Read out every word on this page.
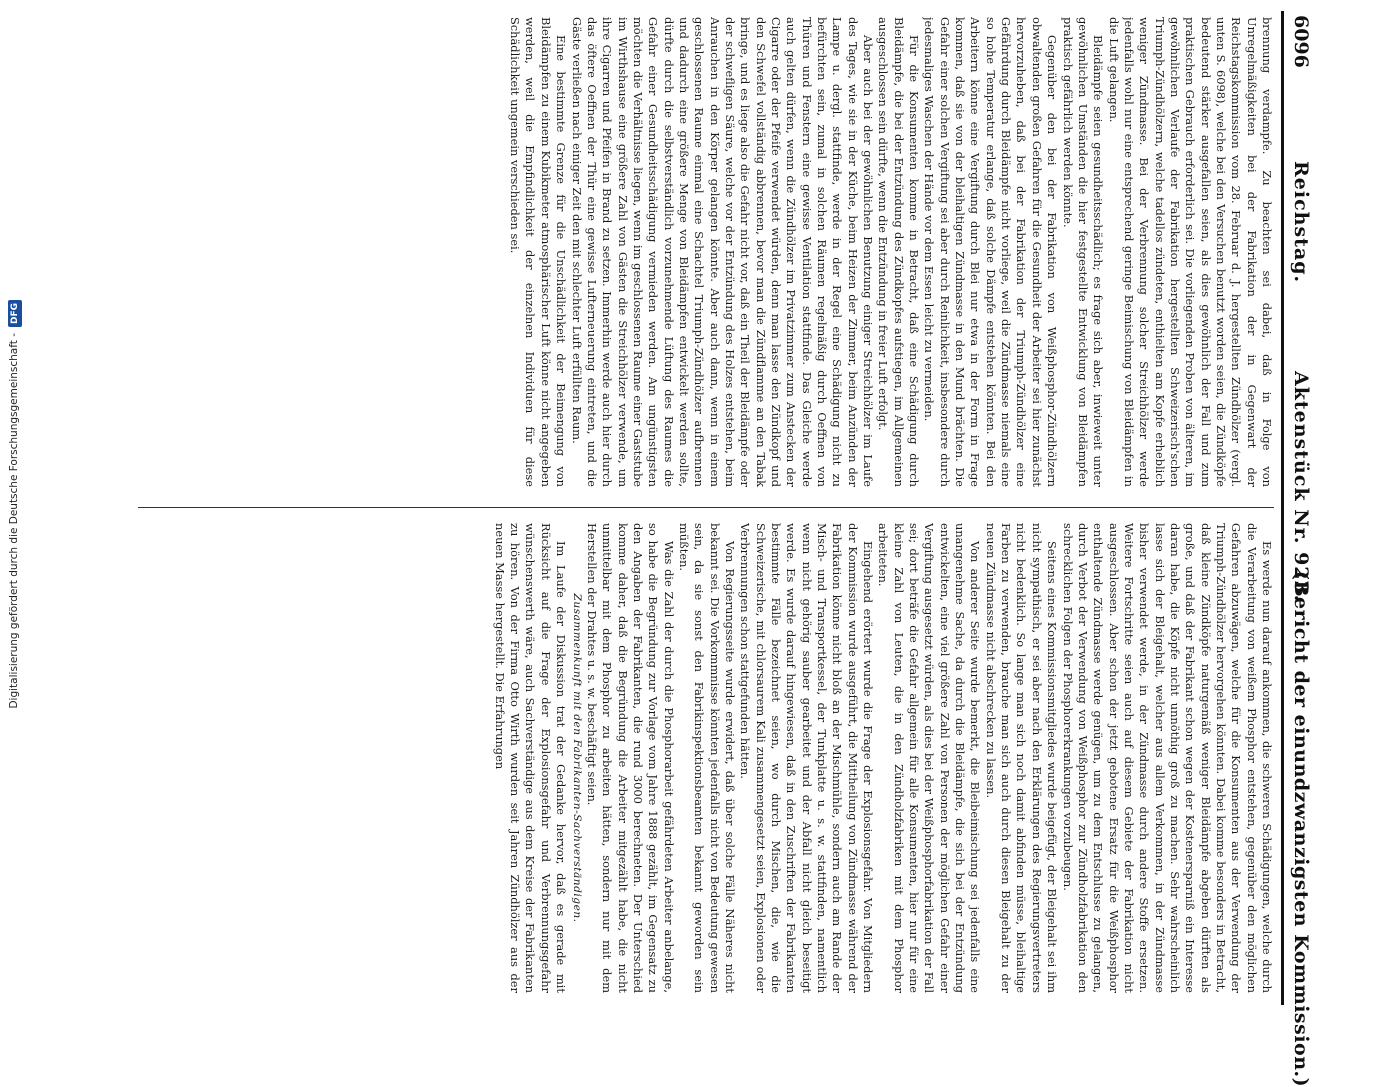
Digitalisierung gefördert durch die Deutsche Forschungsgemeinschaft -DFG
6096
Reichstag.
Aktenstück Nr. 923.
(Bericht der einundzwanzigsten Kommission.)

brennung verdampfe. Zu beachten sei dabei, daß in Folge von Unregelmäßigkeiten bei der Fabrikation der in Gegenwart der Reichstagskommission vom 28. Februar d. J. hergestellten Zündhölzer (vergl. unten S. 6098), welche bei den Versuchen benutzt worden seien, die Zündköpfe bedeutend stärker ausgefallen seien, als dies gewöhnlich der Fall und zum praktischen Gebrauch erforderlich sei. Die vorliegenden Proben von älteren, im gewöhnlichen Verlaufe der Fabrikation hergestellten Schweizerisch'schen Triumph-Zündhölzern, welche tadellos zündeten, enthielten am Kopfe erheblich weniger Zündmasse. Bei der Verbrennung solcher Streichhölzer werde jedenfalls wohl nur eine entsprechend geringe Beimischung von Bleidämpfen in die Luft gelangen.

Bleidämpfe seien gesundheitsschädlich; es frage sich aber, inwieweit unter gewöhnlichen Umständen die hier festgestellte Entwicklung von Bleidämpfen praktisch gefährlich werden könnte.

Gegenüber den bei der Fabrikation von Weißphosphor-Zündhölzern obwaltenden großen Gefahren für die Gesundheit der Arbeiter sei hier zunächst hervorzuheben, daß bei der Fabrikation der Triumph-Zündhölzer eine Gefährdung durch Bleidämpfe nicht vorliege, weil die Zündmasse niemals eine so hohe Temperatur erlange, daß solche Dämpfe entstehen könnten. Bei den Arbeitern könne eine Vergiftung durch Blei nur etwa in der Form in Frage kommen, daß sie von der bleihaltigen Zündmasse in den Mund brächten. Die Gefahr einer solchen Vergiftung sei aber durch Reinlichkeit, insbesondere durch jedesmaliges Waschen der Hände vor dem Essen leicht zu vermeiden.

Für die Konsumenten komme in Betracht, daß eine Schädigung durch Bleidämpfe, die bei der Entzündung des Zündkopfes aufstiegen, im Allgemeinen ausgeschlossen sein dürfte, wenn die Entzündung in freier Luft erfolgt.

Aber auch bei der gewöhnlichen Benutzung einiger Streichhölzer im Laufe des Tages, wie sie in der Küche, beim Heizen der Zimmer, beim Anzünden der Lampe u. dergl. stattfinde, werde in der Regel eine Schädigung nicht zu befürchten sein, zumal in solchen Räumen regelmäßig durch Oeffnen von Thüren und Fenstern eine gewisse Ventilation stattfinde. Das Gleiche werde auch gelten dürfen, wenn die Zündhölzer im Privatzimmer zum Anstecken der Cigarre oder der Pfeife verwendet würden, denn man lasse den Zündkopf und den Schwefel vollständig abbrennen, bevor man die Zündflamme an den Tabak bringe, und es liege also die Gefahr nicht vor, daß ein Theil der Bleidämpfe oder der schwefligen Säure, welche vor der Entzündung des Holzes entstehen, beim Anrauchen in den Körper gelangen könnte. Aber auch dann, wenn in einem geschlossenen Raume einmal eine Schachtel Triumph-Zündhölzer aufbrennen und dadurch eine größere Menge von Bleidämpfen entwickelt werden sollte, dürfte durch die selbstverständlich vorzunehmende Lüftung des Raumes die Gefahr einer Gesundheitsschädigung vermieden werden. Am ungünstigsten möchten die Verhältnisse liegen, wenn im geschlossenen Raume einer Gaststube im Wirthshause eine größere Zahl von Gästen die Streichhölzer verwende, um ihre Cigarren und Pfeifen in Brand zu setzen. Immerhin werde auch hier durch das öftere Oeffnen der Thür eine gewisse Lufterneuerung eintreten, und die Gäste verließen nach einiger Zeit den mit schlechter Luft erfüllten Raum.

Eine bestimmte Grenze für die Unschädlichkeit der Beimengung von Bleidämpfen zu einem Kubikmeter atmosphärischer Luft könne nicht angegeben werden, weil die Empfindlichkeit der einzelnen Individuen für diese Schädlichkeit ungemein verschieden sei.

Es werde nun darauf ankommen, die schweren Schädigungen, welche durch die Verarbeitung von weißem Phosphor entstehen, gegenüber den möglichen Gefahren abzuwägen, welche für die Konsumenten aus der Verwendung der Triumph-Zündhölzer hervorgehen könnten. Dabei komme besonders in Betracht, daß kleine Zündköpfe naturgemäß weniger Bleidämpfe abgeben dürften als große, und daß der Fabrikant schon wegen der Kostenersparniß ein Interesse daran habe, die Köpfe nicht unnöthig groß zu machen. Sehr wahrscheinlich lasse sich der Bleigehalt, welcher aus allem Verkommen, in der Zündmasse bisher verwendet werde, in der Zündmasse durch andere Stoffe ersetzen. Weitere Fortschritte seien auch auf diesem Gebiete der Fabrikation nicht ausgeschlossen. Aber schon der jetzt gebotene Ersatz für die Weißphosphor enthaltende Zündmasse werde genügen, um zu dem Entschlusse zu gelangen, durch Verbot der Verwendung von Weißphosphor zur Zündholzfabrikation den schrecklichen Folgen der Phosphorerkrankungen vorzubeugen.

Seitens eines Kommissionsmitgliedes wurde beigefügt, der Bleigehalt sei ihm nicht sympathisch, er sei aber nach den Erklärungen des Regierungsvertreters nicht bedenklich. So lange man sich noch damit abfinden müsse, bleihaltige Farben zu verwenden, brauche man sich auch durch diesen Bleigehalt zu der neuen Zündmasse nicht abschrecken zu lassen.

Von anderer Seite wurde bemerkt, die Bleibeimischung sei jedenfalls eine unangenehme Sache, da durch die Bleidämpfe, die sich bei der Entzündung entwickelten, eine viel größere Zahl von Personen der möglichen Gefahr einer Vergiftung ausgesetzt würden, als dies bei der Weißphosphorfabrikation der Fall sei; dort beträfe die Gefahr allgemein für alle Konsumenten, hier nur für eine kleine Zahl von Leuten, die in den Zündholzfabriken mit dem Phosphor arbeiteten.

Eingehend erörtert wurde die Frage der Explosionsgefahr. Von Mitgliedern der Kommission wurde ausgeführt, die Mittheilung von Zündmasse während der Fabrikation könne nicht bloß an der Mischmühle, sondern auch am Rande der Misch- und Transportkessel, der Tunkplatte u. s. w. stattfinden, namentlich wenn nicht gehörig sauber gearbeitet und der Abfall nicht gleich beseitigt werde. Es wurde darauf hingewiesen, daß in den Zuschriften der Fabrikanten bestimmte Fälle bezeichnet seien, wo durch Mischen, die, wie die Schweizerische, mit chlorsaurem Kali zusammengesetzt seien, Explosionen oder Verbrennungen schon stattgefunden hätten.

Von Regierungsseite wurde erwidert, daß über solche Fälle Näheres nicht bekannt sei. Die Vorkommnisse könnten jedenfalls nicht von Bedeutung gewesen sein, da sie sonst den Fabrikinspektionsbeamten bekannt geworden sein müßten.

Was die Zahl der durch die Phosphorarbeit gefährdeten Arbeiter anbelange, so habe die Begründung zur Vorlage vom Jahre 1888 gezählt, im Gegensatz zu den Angaben der Fabrikanten, die rund 3000 berechneten. Der Unterschied komme daher, daß die Begründung die Arbeiter mitgezählt habe, die nicht unmittelbar mit dem Phosphor zu arbeiten hätten, sondern nur mit dem Herstellen der Drahtes u. s. w. beschäftigt seien.

Zusammenkunft mit den Fabrikanten-Sachverständigen.

Im Laufe der Diskussion trat der Gedanke hervor, daß es gerade mit Rücksicht auf die Frage der Explosionsgefahr und Verbrennungsgefahr wünschenswerth wäre, auch Sachverständige aus dem Kreise der Fabrikanten zu hören. Von der Firma Otto Wirth wurden seit Jahren Zündhölzer aus der neuen Masse hergestellt. Die Erfahrungen
